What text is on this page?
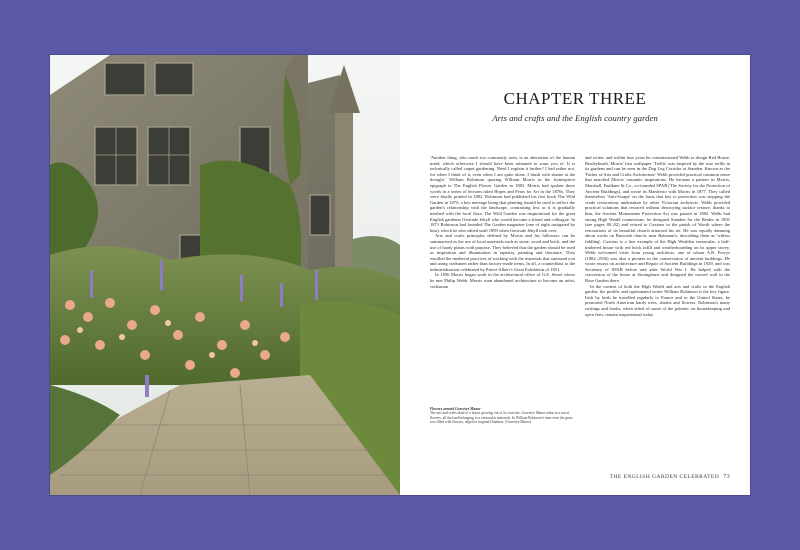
CHAPTER THREE
Arts and crafts and the English country garden

'Another thing, also much too commonly seen, is an aberration of the human mind, which otherwise I should have been ashamed to warn you of. It is technically called carpet gardening. Need I explain it further? I had rather not, for when I think of it, even when I am quite alone, I blush with shame at the thought.' William Robinson quoting William Morris in the frontispiece epigraph to The English Flower Garden in 1883. Morris had spoken these words in a series of lectures titled Hopes and Fears for Art in the 1870s. They were finally printed in 1882. Robinson had published his first book The Wild Garden in 1870, a key message being that planting should be used to reflect the garden's relationship with the landscape, contrasting less as it is gradually meshed with the local flora. The Wild Garden was inspirational for the great English gardener Gertrude Jekyll who would become a friend and colleague. In 1871 Robinson had founded The Garden magazine (one of eight instigated by him), which he also edited until 1899 when Gertrude Jekyll took over.

Arts and crafts principles defined by Morris and his followers can be summarised as the use of local materials such as stone, wood and brick, and the use of hardy plants with purpose. They believed that the garden should be used as inspiration and illumination in tapestry, painting and literature. They extolled the medieval practices of working with the materials that surround you and using craftsmen rather than factory-made items. In all, a counterblast to the industrialisation celebrated by Prince Albert's Great Exhibition of 1851.

In 1856 Morris began work in the architectural office of G.E. Street where he met Philip Webb. Morris soon abandoned architecture to become an artist, craftsman

and writer, and within four years he commissioned Webb to design Red House, Bexleyheath. Morris' first wallpaper 'Trellis' was inspired by the rose trellis in its gardens and can be seen in the Dog Leg Corridor at Standen. Known as the 'Father of Arts and Crafts Architecture' Webb provided practical common sense that matched Morris' romantic inspirations. He became a partner in Morris, Marshall, Faulkner & Co., co-founded SPAB (The Society for the Protection of Ancient Buildings), and wrote its Manifesto with Morris in 1877. They called themselves 'Anti-Scrape' on the basis that key to protection was stopping the crude restorations undertaken by other Victorian architects. Webb provided practical solutions that restored without destroying surface texture, thanks to him, the Ancient Monuments Protection Act was passed in 1882. Webb had strong High Weald connections: he designed Standen for the Beales in 1891 (see pages 80–82) and retired to Caxtons in the parish of Worth where the restorations of its beautiful church attracted his ire. He was equally damning about works on Burwash church, near Bateman's, describing them as 'witless fiddling'. Caxtons is a fine example of the High Wealden vernacular, a half-timbered house with red brick infill and weatherboarding on its upper storey. Webb welcomed visits from young architects, one of whom A.R. Powys (1882–1936) was also a pioneer in the conservation of ancient buildings. He wrote essays on architecture and Repair of Ancient Buildings in 1929, and was Secretary of SPAB before and after World War I. He helped with the conversion of the house at Sissinghurst and designed the curved wall in the Rose Garden there.

In the context of both the High Weald and arts and crafts in the English garden, the prolific and opinionated writer William Robinson is the key figure. Irish by birth he travelled regularly to France and to the United States, he promoted North American hardy trees, shrubs and flowers. Robinson's many writings and books, when sifted of some of the polemic on housekeeping and open fires, remain inspirational today.

Flowers around Gravetye Manor
The arts and crafts ideal of a house growing out of its own site. Gravetye Manor when in a sea of flowers, all the land belonging to a vernacular materials. In William Robinson's time even the grass was filled with flowers, edged in fragrant Dianthus. (Gravetye Manor)
THE ENGLISH GARDEN CELEBRATED 73
